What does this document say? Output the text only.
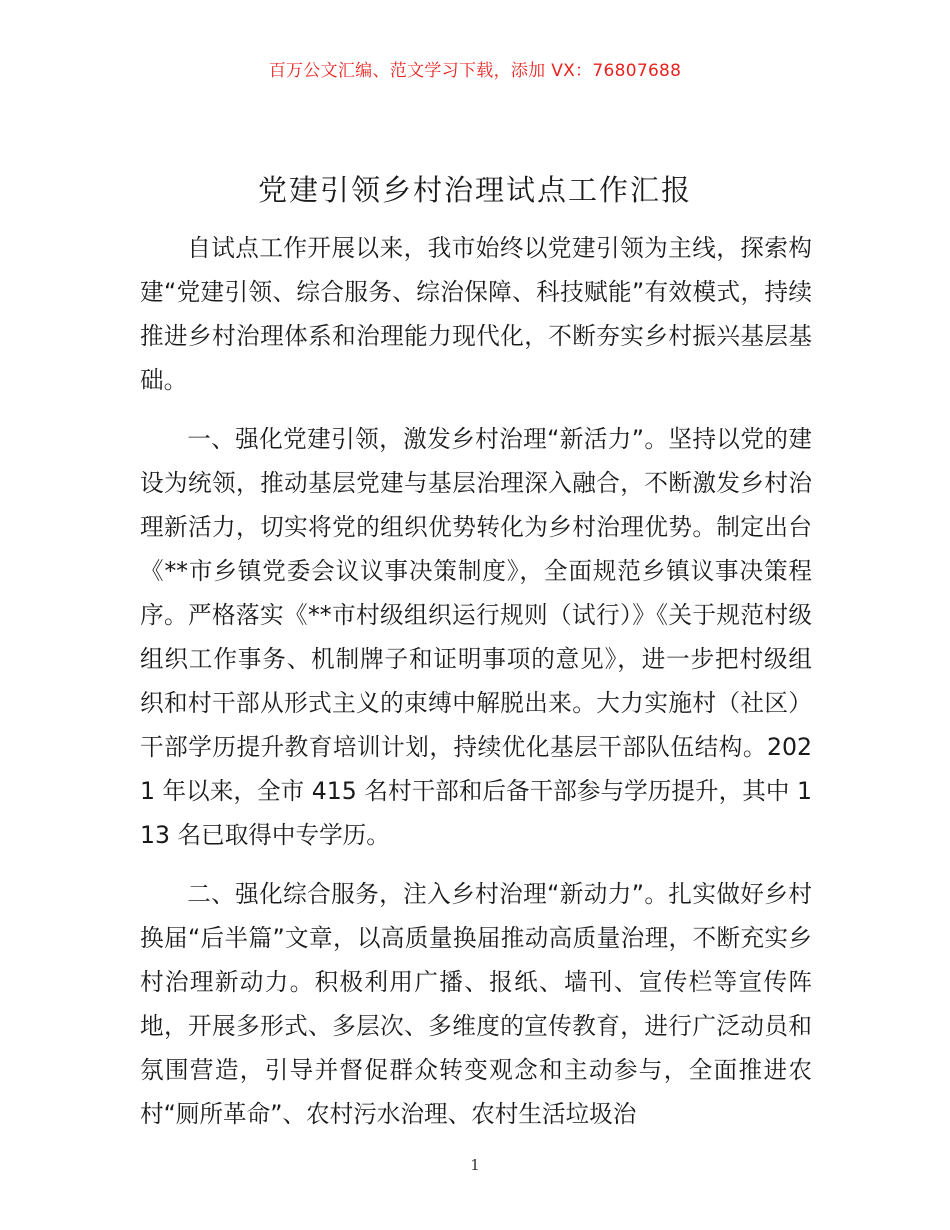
百万公文汇编、范文学习下载，添加 VX：76807688
党建引领乡村治理试点工作汇报

自试点工作开展以来，我市始终以党建引领为主线，探索构建“党建引领、综合服务、综治保障、科技赋能”有效模式，持续推进乡村治理体系和治理能力现代化，不断夯实乡村振兴基层基础。

一、强化党建引领，激发乡村治理“新活力”。坚持以党的建设为统领，推动基层党建与基层治理深入融合，不断激发乡村治理新活力，切实将党的组织优势转化为乡村治理优势。制定出台《**市乡镇党委会议议事决策制度》，全面规范乡镇议事决策程序。严格落实《**市村级组织运行规则（试行）》《关于规范村级组织工作事务、机制牌子和证明事项的意见》，进一步把村级组织和村干部从形式主义的束缚中解脱出来。大力实施村（社区）干部学历提升教育培训计划，持续优化基层干部队伍结构。2021 年以来，全市 415 名村干部和后备干部参与学历提升，其中 113 名已取得中专学历。

二、强化综合服务，注入乡村治理“新动力”。扎实做好乡村换届“后半篇”文章，以高质量换届推动高质量治理，不断充实乡村治理新动力。积极利用广播、报纸、墙刊、宣传栏等宣传阵地，开展多形式、多层次、多维度的宣传教育，进行广泛动员和氛围营造，引导并督促群众转变观念和主动参与，全面推进农村“厕所革命”、农村污水治理、农村生活垃圾治

1
